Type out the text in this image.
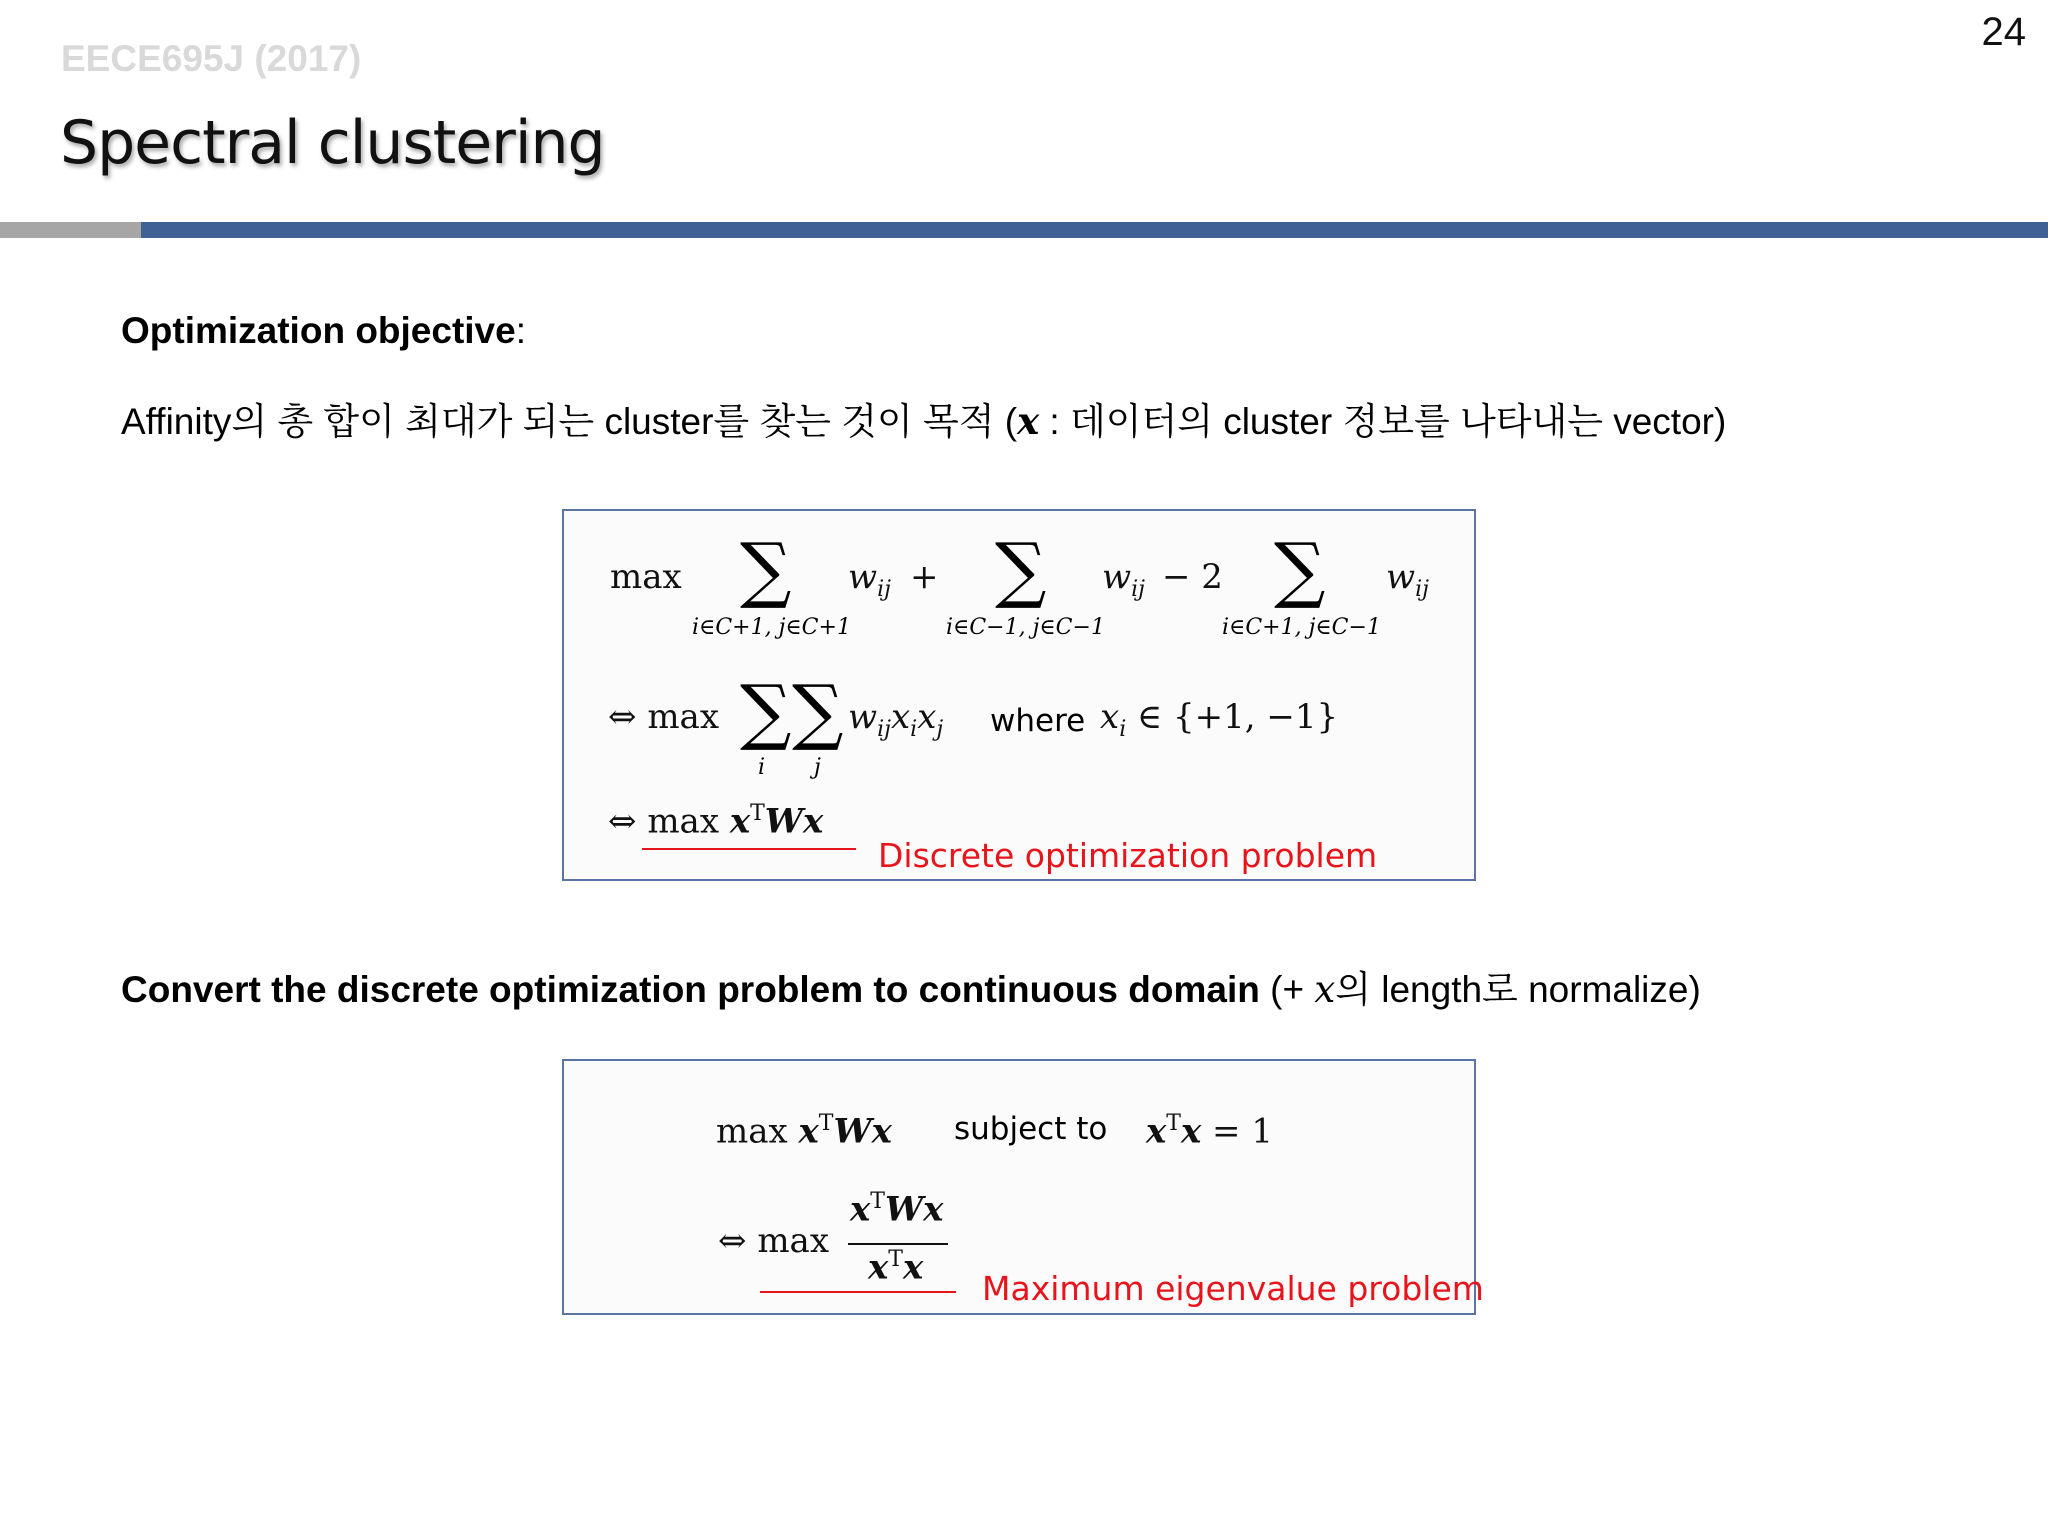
EECE695J (2017)
24
Spectral clustering
Optimization objective:
Affinity의 총 합이 최대가 되는 cluster를 찾는 것이 목적 (x : 데이터의 cluster 정보를 나타내는 vector)
max ∑
i∈C+1, j∈C+1
$w_{ij}$ + ∑
i∈C−1, j∈C−1
$w_{ij} - 2$ ∑
i∈C+1, j∈C−1
$w_{ij}$
⇔ max ∑ ∑
i j
$w_{ij}x_ix_j$ where $x_i$ ∈ {+1, −1}
⇔ $\max x^TWx$
Discrete optimization problem
Convert the discrete optimization problem to continuous domain (+ x의 length로 normalize)
$\max x^TWx$ subject to $x^Tx = 1$
⇔ max
$x^TWx$
$x^Tx$
Maximum eigenvalue problem
